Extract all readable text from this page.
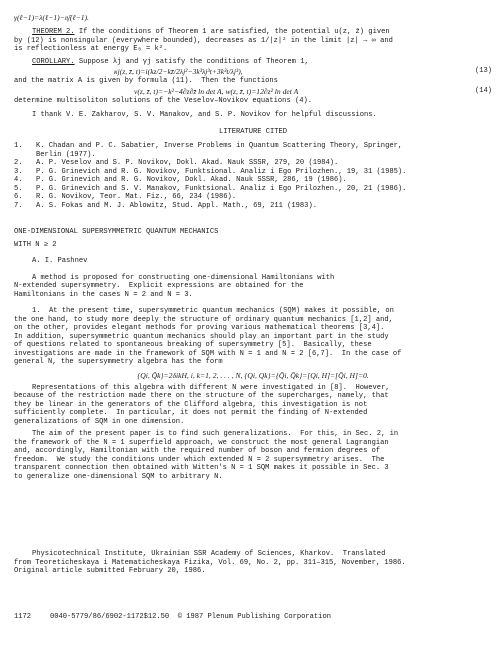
γ(ℓ−1)=λ(ℓ−1)−ιγ̄(ℓ−1).
THEOREM 2. If the conditions of Theorem 1 are satisfied, the potential u(z, z̄) given
by (12) is nonsingular (everywhere bounded), decreases as 1/|z|² in the limit |z| → ∞ and
is reflectionless at energy E₀ = k².
COROLLARY. Suppose λj and γj satisfy the conditions of Theorem 1,
κj(z, z̄, t)=i(kz/2−kz̄/2λj²−3k³λj³t+3k³t/λj³),	(13)
and the matrix A is given by formula (11).  Then the functions
v(z, z̄, t)=−k²−4∂z∂z̄ ln det A, w(z, z̄, t)=12∂z² ln det A	(14)
determine multisoliton solutions of the Veselov–Novikov equations (4).
I thank V. E. Zakharov, S. V. Manakov, and S. P. Novikov for helpful discussions.
LITERATURE CITED
1.	K. Chadan and P. C. Sabatier, Inverse Problems in Quantum Scattering Theory, Springer,
Berlin (1977).
2.	A. P. Veselov and S. P. Novikov, Dokl. Akad. Nauk SSSR, 279, 20 (1984).
3.	P. G. Grinevich and R. G. Novikov, Funktsional. Analiz i Ego Prilozhen., 19, 31 (1985).
4.	P. G. Grinevich and R. G. Novikov, Dokl. Akad. Nauk SSSR, 286, 19 (1986).
5.	P. G. Grinevich and S. V. Manakov, Funktsional. Analiz i Ego Prilozhen., 20, 21 (1986).
6.	R. G. Novikov, Teor. Mat. Fiz., 66, 234 (1986).
7.	A. S. Fokas and M. J. Ablowitz, Stud. Appl. Math., 69, 211 (1983).
ONE-DIMENSIONAL SUPERSYMMETRIC QUANTUM MECHANICS
WITH N ≥ 2
A. I. Pashnev
A method is proposed for constructing one-dimensional Hamiltonians with
N-extended supersymmetry.  Explicit expressions are obtained for the
Hamiltonians in the cases N = 2 and N = 3.
1.  At the present time, supersymmetric quantum mechanics (SQM) makes it possible, on
the one hand, to study more deeply the structure of ordinary quantum mechanics [1,2] and,
on the other, provides elegant methods for proving various mathematical theorems [3,4].
In addition, supersymmetric quantum mechanics should play an important part in the study
of questions related to spontaneous breaking of supersymmetry [5].  Basically, these
investigations are made in the framework of SQM with N = 1 and N = 2 [6,7].  In the case of
general N, the supersymmetry algebra has the form
{Qi, Q̄k}=2δikH, i, k=1, 2, . . . , N, {Qi, Qk}={Q̄i, Q̄k}=[Qi, H]=[Q̄i, H]=0.
Representations of this algebra with different N were investigated in [8].  However,
because of the restriction made there on the structure of the supercharges, namely, that
they be linear in the generators of the Clifford algebra, this investigation is not
sufficiently complete.  In particular, it does not permit the finding of N-extended
generalizations of SQM in one dimension.
The aim of the present paper is to find such generalizations.  For this, in Sec. 2, in
the framework of the N = 1 superfield approach, we construct the most general Lagrangian
and, accordingly, Hamiltonian with the required number of boson and fermion degrees of
freedom.  We study the conditions under which extended N = 2 supersymmetry arises.  The
transparent connection then obtained with Witten's N = 1 SQM makes it possible in Sec. 3
to generalize one-dimensional SQM to arbitrary N.
Physicotechnical Institute, Ukrainian SSR Academy of Sciences, Kharkov.  Translated
from Teoreticheskaya i Matematicheskaya Fizika, Vol. 69, No. 2, pp. 311–315, November, 1986.
Original article submitted February 20, 1986.
1172	0040-5779/86/6902-1172$12.50  © 1987 Plenum Publishing Corporation
